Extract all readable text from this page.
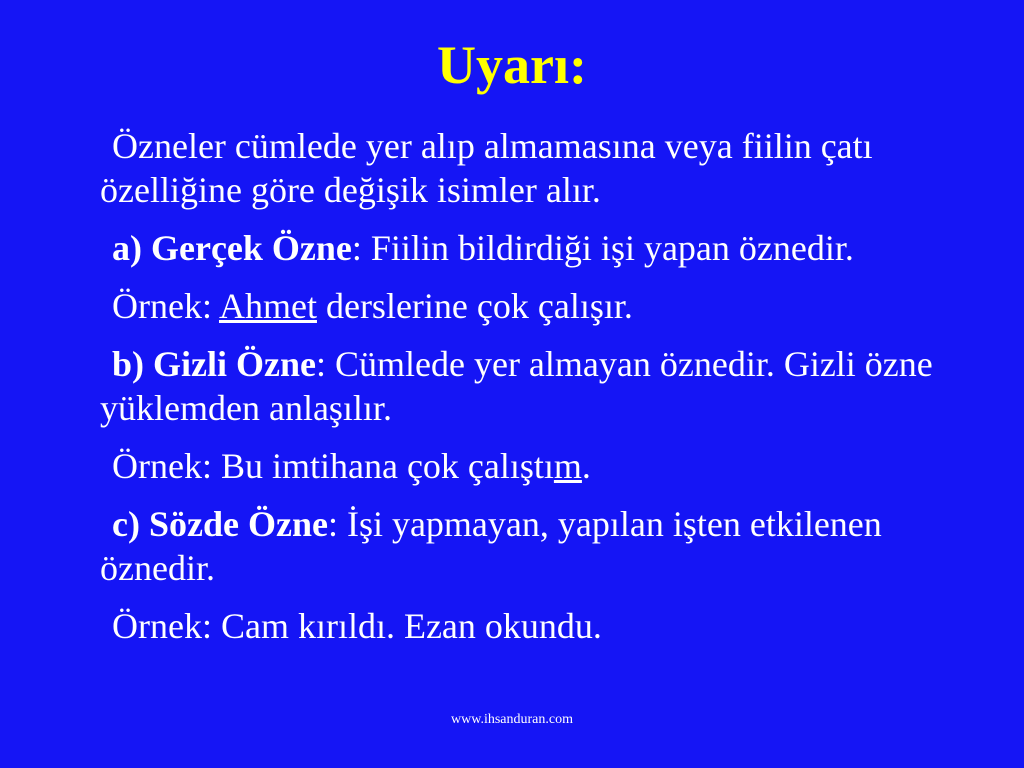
Uyarı:

Özneler cümlede yer alıp almamasına veya fiilin çatı özelliğine göre değişik isimler alır.

a) Gerçek Özne: Fiilin bildirdiği işi yapan öznedir.

Örnek: Ahmet derslerine çok çalışır.

b) Gizli Özne: Cümlede yer almayan öznedir. Gizli özne yüklemden anlaşılır.

Örnek: Bu imtihana çok çalıştım.

c) Sözde Özne: İşi yapmayan, yapılan işten etkilenen öznedir.

Örnek: Cam kırıldı. Ezan okundu.

www.ihsanduran.com
